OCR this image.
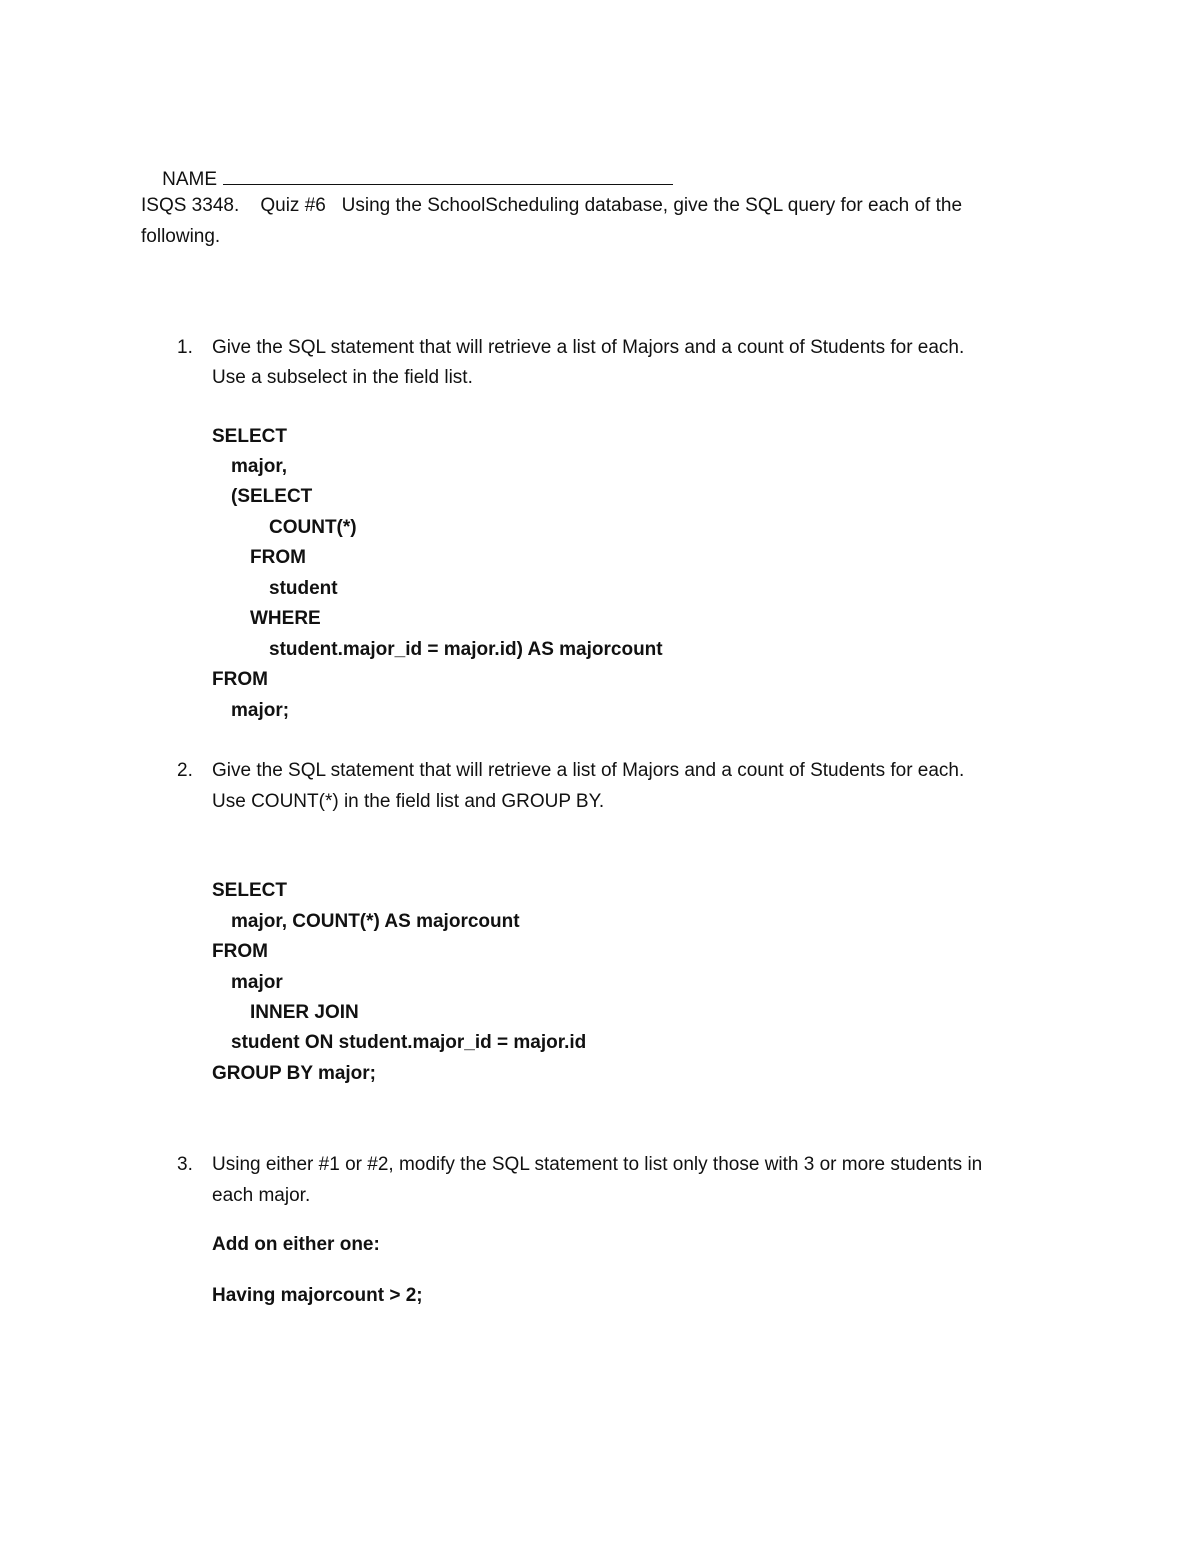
NAME

ISQS 3348.    Quiz #6   Using the SchoolScheduling database, give the SQL query for each of the
following.
1. Give the SQL statement that will retrieve a list of Majors and a count of Students for each.
Use a subselect in the field list.
SELECT
major,
(SELECT
COUNT(*)
FROM
student
WHERE
student.major_id = major.id) AS majorcount
FROM
major;
2. Give the SQL statement that will retrieve a list of Majors and a count of Students for each.
Use COUNT(*) in the field list and GROUP BY.
SELECT
major, COUNT(*) AS majorcount
FROM
major
INNER JOIN
student ON student.major_id = major.id
GROUP BY major;
3. Using either #1 or #2, modify the SQL statement to list only those with 3 or more students in
each major.
Add on either one:
Having majorcount > 2;
